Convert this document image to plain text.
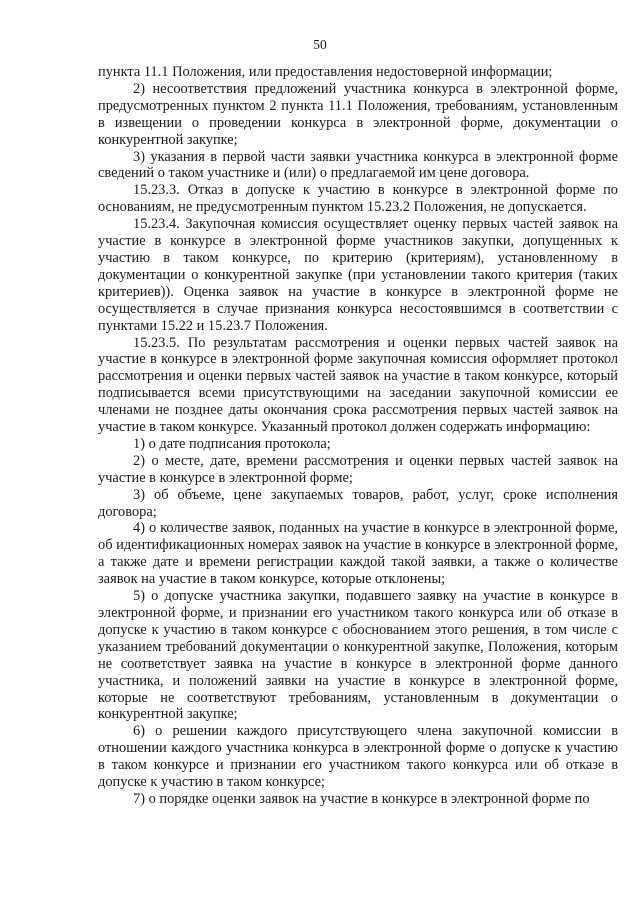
50

пункта 11.1 Положения, или предоставления недостоверной информации;

2) несоответствия предложений участника конкурса в электронной форме, предусмотренных пунктом 2 пункта 11.1 Положения, требованиям, установленным в извещении о проведении конкурса в электронной форме, документации о конкурентной закупке;

3) указания в первой части заявки участника конкурса в электронной форме сведений о таком участнике и (или) о предлагаемой им цене договора.

15.23.3. Отказ в допуске к участию в конкурсе в электронной форме по основаниям, не предусмотренным пунктом 15.23.2 Положения, не допускается.

15.23.4. Закупочная комиссия осуществляет оценку первых частей заявок на участие в конкурсе в электронной форме участников закупки, допущенных к участию в таком конкурсе, по критерию (критериям), установленному в документации о конкурентной закупке (при установлении такого критерия (таких критериев)). Оценка заявок на участие в конкурсе в электронной форме не осуществляется в случае признания конкурса несостоявшимся в соответствии с пунктами 15.22 и 15.23.7 Положения.

15.23.5. По результатам рассмотрения и оценки первых частей заявок на участие в конкурсе в электронной форме закупочная комиссия оформляет протокол рассмотрения и оценки первых частей заявок на участие в таком конкурсе, который подписывается всеми присутствующими на заседании закупочной комиссии ее членами не позднее даты окончания срока рассмотрения первых частей заявок на участие в таком конкурсе. Указанный протокол должен содержать информацию:

1) о дате подписания протокола;

2) о месте, дате, времени рассмотрения и оценки первых частей заявок на участие в конкурсе в электронной форме;

3) об объеме, цене закупаемых товаров, работ, услуг, сроке исполнения договора;

4) о количестве заявок, поданных на участие в конкурсе в электронной форме, об идентификационных номерах заявок на участие в конкурсе в электронной форме, а также дате и времени регистрации каждой такой заявки, а также о количестве заявок на участие в таком конкурсе, которые отклонены;

5) о допуске участника закупки, подавшего заявку на участие в конкурсе в электронной форме, и признании его участником такого конкурса или об отказе в допуске к участию в таком конкурсе с обоснованием этого решения, в том числе с указанием требований документации о конкурентной закупке, Положения, которым не соответствует заявка на участие в конкурсе в электронной форме данного участника, и положений заявки на участие в конкурсе в электронной форме, которые не соответствуют требованиям, установленным в документации о конкурентной закупке;

6) о решении каждого присутствующего члена закупочной комиссии в отношении каждого участника конкурса в электронной форме о допуске к участию в таком конкурсе и признании его участником такого конкурса или об отказе в допуске к участию в таком конкурсе;

7) о порядке оценки заявок на участие в конкурсе в электронной форме по
